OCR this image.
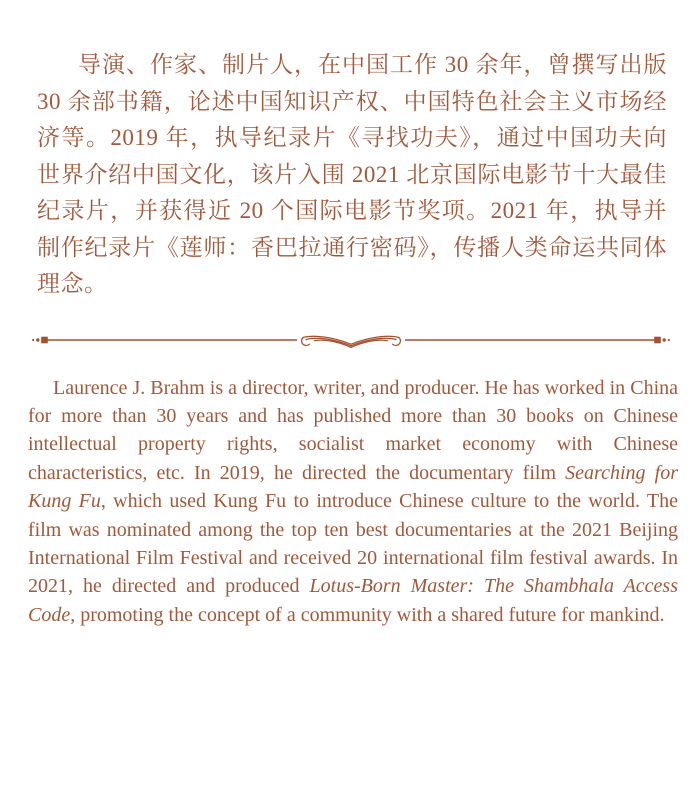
导演、作家、制片人，在中国工作 30 余年，曾撰写出版 30 余部书籍，论述中国知识产权、中国特色社会主义市场经济等。2019 年，执导纪录片《寻找功夫》，通过中国功夫向世界介绍中国文化，该片入围 2021 北京国际电影节十大最佳纪录片，并获得近 20 个国际电影节奖项。2021 年，执导并制作纪录片《莲师：香巴拉通行密码》，传播人类命运共同体理念。

Laurence J. Brahm is a director, writer, and producer. He has worked in China for more than 30 years and has published more than 30 books on Chinese intellectual property rights, socialist market economy with Chinese characteristics, etc. In 2019, he directed the documentary film Searching for Kung Fu, which used Kung Fu to introduce Chinese culture to the world. The film was nominated among the top ten best documentaries at the 2021 Beijing International Film Festival and received 20 international film festival awards. In 2021, he directed and produced Lotus-Born Master: The Shambhala Access Code, promoting the concept of a community with a shared future for mankind.
